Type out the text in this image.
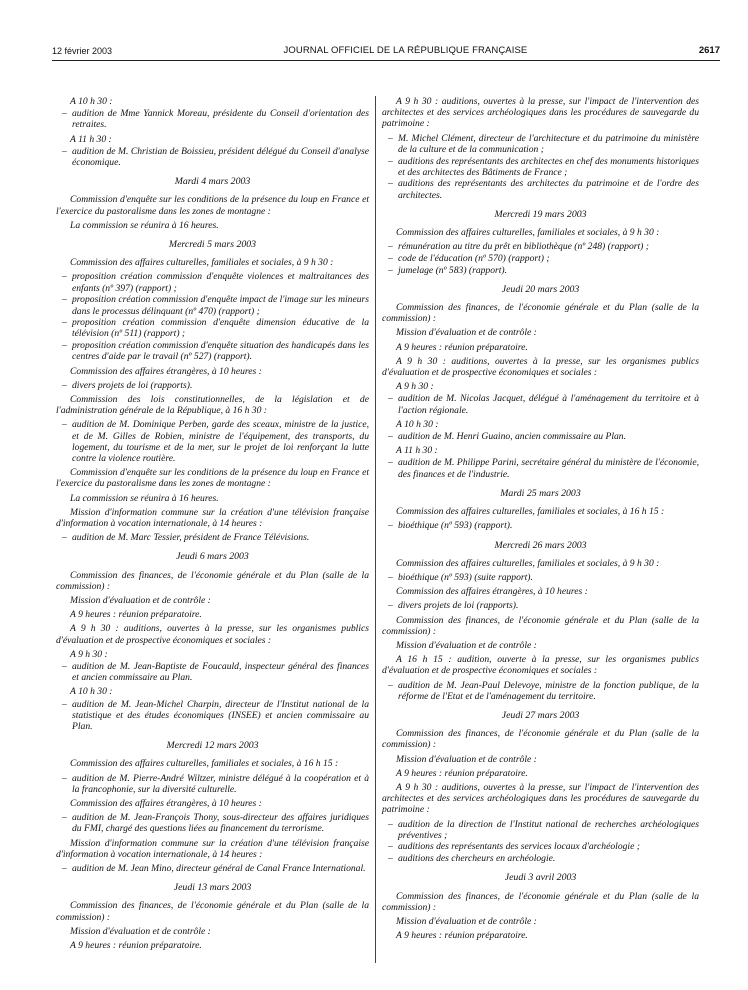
12 février 2003	JOURNAL OFFICIEL DE LA RÉPUBLIQUE FRANÇAISE	2617

A 10 h 30 :

– audition de Mme Yannick Moreau, présidente du Conseil d'orientation des retraites.

A 11 h 30 :

– audition de M. Christian de Boissieu, président délégué du Conseil d'analyse économique.

Mardi 4 mars 2003

Commission d'enquête sur les conditions de la présence du loup en France et l'exercice du pastoralisme dans les zones de montagne :

La commission se réunira à 16 heures.

Mercredi 5 mars 2003

Commission des affaires culturelles, familiales et sociales, à 9 h 30 :

– proposition création commission d'enquête violences et maltraitances des enfants (nº 397) (rapport) ;
– proposition création commission d'enquête impact de l'image sur les mineurs dans le processus délinquant (nº 470) (rapport) ;
– proposition création commission d'enquête dimension éducative de la télévision (nº 511) (rapport) ;
– proposition création commission d'enquête situation des handicapés dans les centres d'aide par le travail (nº 527) (rapport).

Commission des affaires étrangères, à 10 heures :

– divers projets de loi (rapports).

Commission des lois constitutionnelles, de la législation et de l'administration générale de la République, à 16 h 30 :

– audition de M. Dominique Perben, garde des sceaux, ministre de la justice, et de M. Gilles de Robien, ministre de l'équipement, des transports, du logement, du tourisme et de la mer, sur le projet de loi renforçant la lutte contre la violence routière.

Commission d'enquête sur les conditions de la présence du loup en France et l'exercice du pastoralisme dans les zones de montagne :

La commission se réunira à 16 heures.

Mission d'information commune sur la création d'une télévision française d'information à vocation internationale, à 14 heures :

– audition de M. Marc Tessier, président de France Télévisions.

Jeudi 6 mars 2003

Commission des finances, de l'économie générale et du Plan (salle de la commission) :

Mission d'évaluation et de contrôle :

A 9 heures : réunion préparatoire.

A 9 h 30 : auditions, ouvertes à la presse, sur les organismes publics d'évaluation et de prospective économiques et sociales :

A 9 h 30 :

– audition de M. Jean-Baptiste de Foucauld, inspecteur général des finances et ancien commissaire au Plan.

A 10 h 30 :

– audition de M. Jean-Michel Charpin, directeur de l'Institut national de la statistique et des études économiques (INSEE) et ancien commissaire au Plan.

Mercredi 12 mars 2003

Commission des affaires culturelles, familiales et sociales, à 16 h 15 :

– audition de M. Pierre-André Wiltzer, ministre délégué à la coopération et à la francophonie, sur la diversité culturelle.

Commission des affaires étrangères, à 10 heures :

– audition de M. Jean-François Thony, sous-directeur des affaires juridiques du FMI, chargé des questions liées au financement du terrorisme.

Mission d'information commune sur la création d'une télévision française d'information à vocation internationale, à 14 heures :

– audition de M. Jean Mino, directeur général de Canal France International.

Jeudi 13 mars 2003

Commission des finances, de l'économie générale et du Plan (salle de la commission) :

Mission d'évaluation et de contrôle :

A 9 heures : réunion préparatoire.

A 9 h 30 : auditions, ouvertes à la presse, sur l'impact de l'intervention des architectes et des services archéologiques dans les procédures de sauvegarde du patrimoine :

– M. Michel Clément, directeur de l'architecture et du patrimoine du ministère de la culture et de la communication ;
– auditions des représentants des architectes en chef des monuments historiques et des architectes des Bâtiments de France ;
– auditions des représentants des architectes du patrimoine et de l'ordre des architectes.

Mercredi 19 mars 2003

Commission des affaires culturelles, familiales et sociales, à 9 h 30 :

– rémunération au titre du prêt en bibliothèque (nº 248) (rapport) ;
– code de l'éducation (nº 570) (rapport) ;
– jumelage (nº 583) (rapport).

Jeudi 20 mars 2003

Commission des finances, de l'économie générale et du Plan (salle de la commission) :

Mission d'évaluation et de contrôle :

A 9 heures : réunion préparatoire.

A 9 h 30 : auditions, ouvertes à la presse, sur les organismes publics d'évaluation et de prospective économiques et sociales :

A 9 h 30 :

– audition de M. Nicolas Jacquet, délégué à l'aménagement du territoire et à l'action régionale.

A 10 h 30 :

– audition de M. Henri Guaino, ancien commissaire au Plan.

A 11 h 30 :

– audition de M. Philippe Parini, secrétaire général du ministère de l'économie, des finances et de l'industrie.

Mardi 25 mars 2003

Commission des affaires culturelles, familiales et sociales, à 16 h 15 :

– bioéthique (nº 593) (rapport).

Mercredi 26 mars 2003

Commission des affaires culturelles, familiales et sociales, à 9 h 30 :

– bioéthique (nº 593) (suite rapport).

Commission des affaires étrangères, à 10 heures :

– divers projets de loi (rapports).

Commission des finances, de l'économie générale et du Plan (salle de la commission) :

Mission d'évaluation et de contrôle :

A 16 h 15 : audition, ouverte à la presse, sur les organismes publics d'évaluation et de prospective économiques et sociales :

– audition de M. Jean-Paul Delevoye, ministre de la fonction publique, de la réforme de l'Etat et de l'aménagement du territoire.

Jeudi 27 mars 2003

Commission des finances, de l'économie générale et du Plan (salle de la commission) :

Mission d'évaluation et de contrôle :

A 9 heures : réunion préparatoire.

A 9 h 30 : auditions, ouvertes à la presse, sur l'impact de l'intervention des architectes et des services archéologiques dans les procédures de sauvegarde du patrimoine :

– audition de la direction de l'Institut national de recherches archéologiques préventives ;
– auditions des représentants des services locaux d'archéologie ;
– auditions des chercheurs en archéologie.

Jeudi 3 avril 2003

Commission des finances, de l'économie générale et du Plan (salle de la commission) :

Mission d'évaluation et de contrôle :

A 9 heures : réunion préparatoire.
